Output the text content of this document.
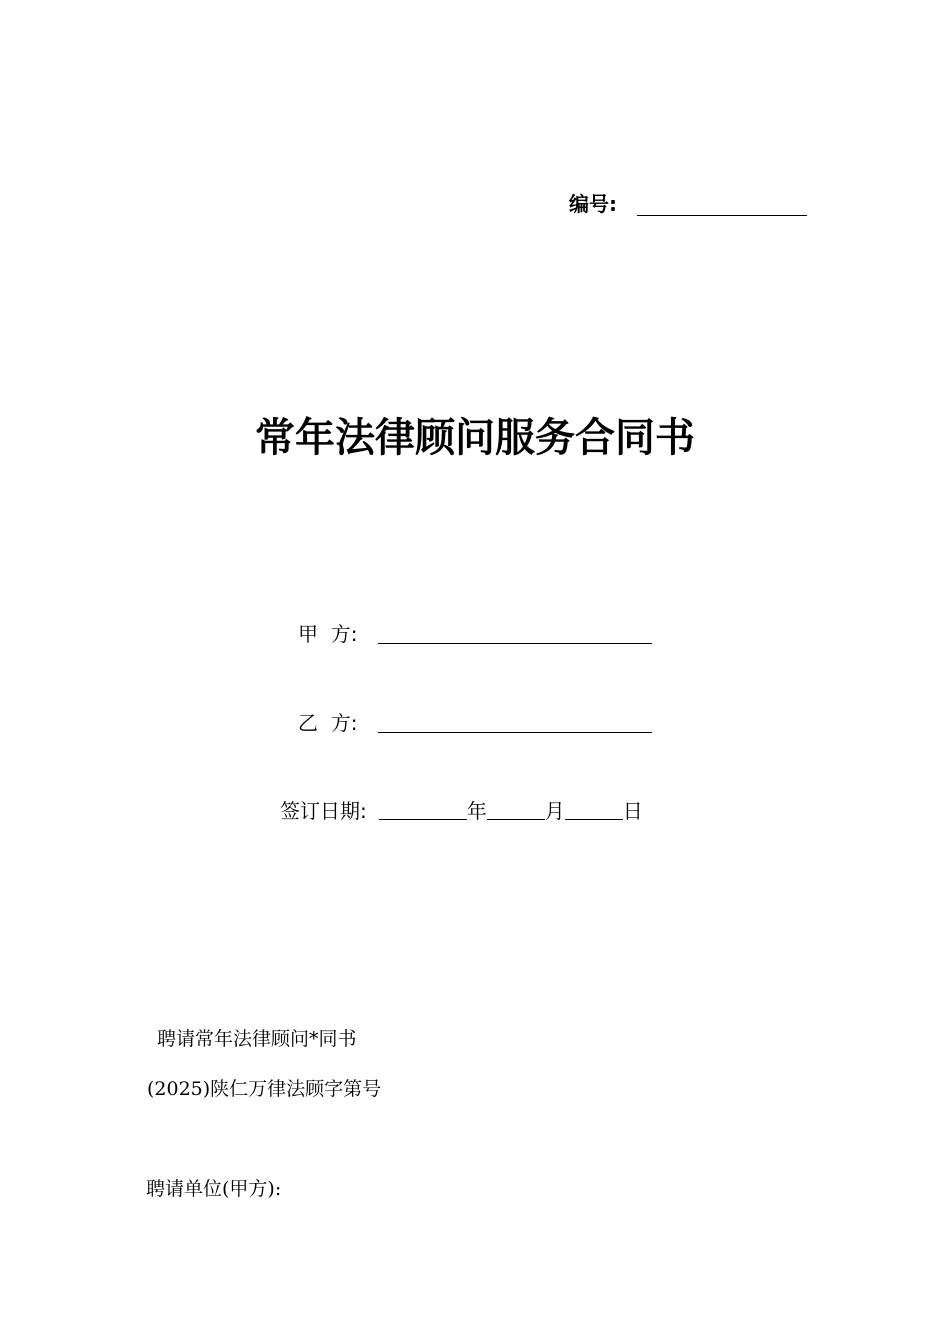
编号:
常年法律顾问服务合同书
甲  方:
乙  方:
签订日期:	年	月	日
聘请常年法律顾问*同书
(2025)陕仁万律法顾字第号
聘请单位(甲方):
